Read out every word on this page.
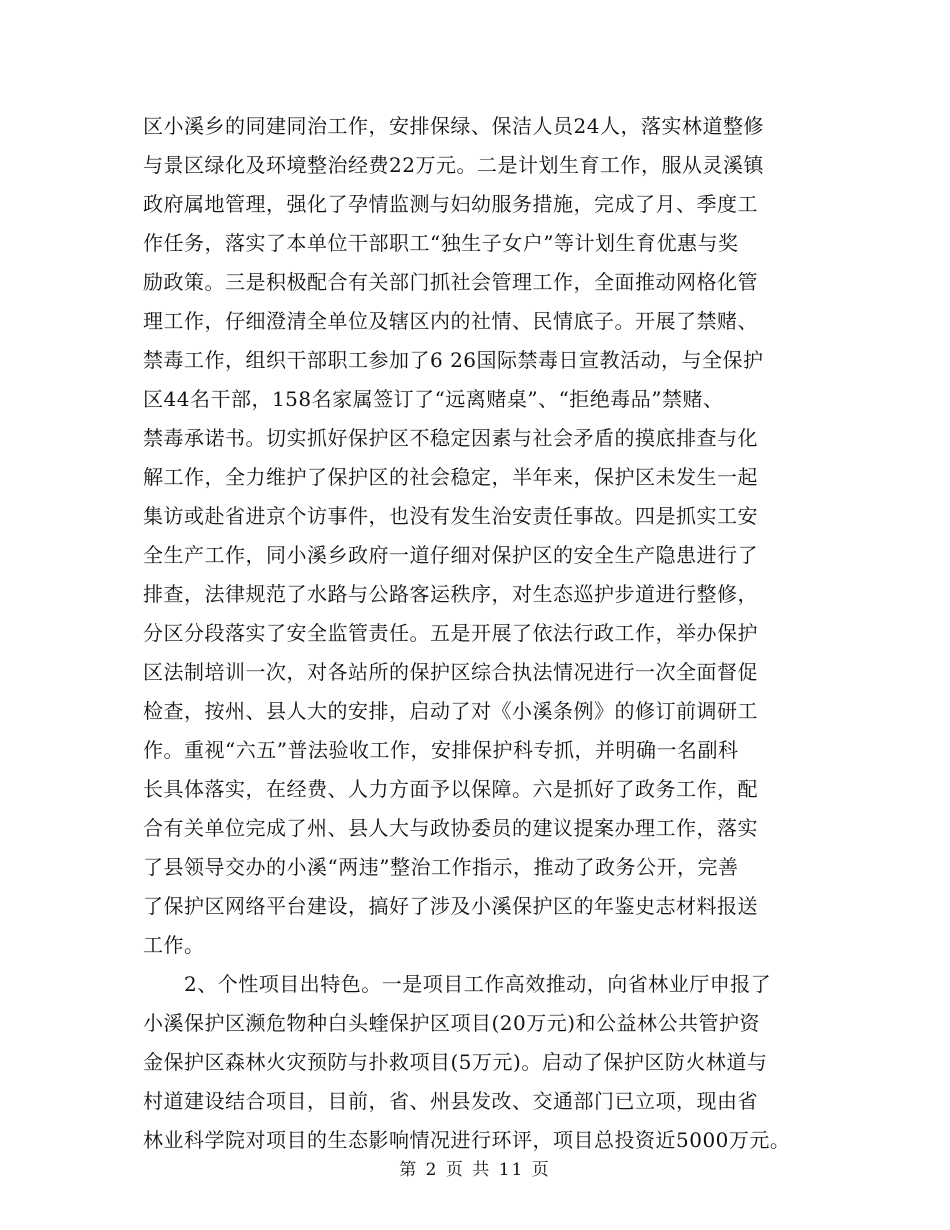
区小溪乡的同建同治工作，安排保绿、保洁人员24人，落实林道整修
与景区绿化及环境整治经费22万元。二是计划生育工作，服从灵溪镇
政府属地管理，强化了孕情监测与妇幼服务措施，完成了月、季度工
作任务，落实了本单位干部职工“独生子女户”等计划生育优惠与奖
励政策。三是积极配合有关部门抓社会管理工作，全面推动网格化管
理工作，仔细澄清全单位及辖区内的社情、民情底子。开展了禁赌、
禁毒工作，组织干部职工参加了6 26国际禁毒日宣教活动，与全保护
区44名干部，158名家属签订了“远离赌桌”、“拒绝毒品”禁赌、
禁毒承诺书。切实抓好保护区不稳定因素与社会矛盾的摸底排查与化
解工作，全力维护了保护区的社会稳定，半年来，保护区未发生一起
集访或赴省进京个访事件，也没有发生治安责任事故。四是抓实工安
全生产工作，同小溪乡政府一道仔细对保护区的安全生产隐患进行了
排查，法律规范了水路与公路客运秩序，对生态巡护步道进行整修，
分区分段落实了安全监管责任。五是开展了依法行政工作，举办保护
区法制培训一次，对各站所的保护区综合执法情况进行一次全面督促
检查，按州、县人大的安排，启动了对《小溪条例》的修订前调研工
作。重视“六五”普法验收工作，安排保护科专抓，并明确一名副科
长具体落实，在经费、人力方面予以保障。六是抓好了政务工作，配
合有关单位完成了州、县人大与政协委员的建议提案办理工作，落实
了县领导交办的小溪“两违”整治工作指示，推动了政务公开，完善
了保护区网络平台建设，搞好了涉及小溪保护区的年鉴史志材料报送
工作。
　　2、个性项目出特色。一是项目工作高效推动，向省林业厅申报了
小溪保护区濒危物种白头蝰保护区项目(20万元)和公益林公共管护资
金保护区森林火灾预防与扑救项目(5万元)。启动了保护区防火林道与
村道建设结合项目，目前，省、州县发改、交通部门已立项，现由省
林业科学院对项目的生态影响情况进行环评，项目总投资近5000万元。
第 2 页 共 11 页
